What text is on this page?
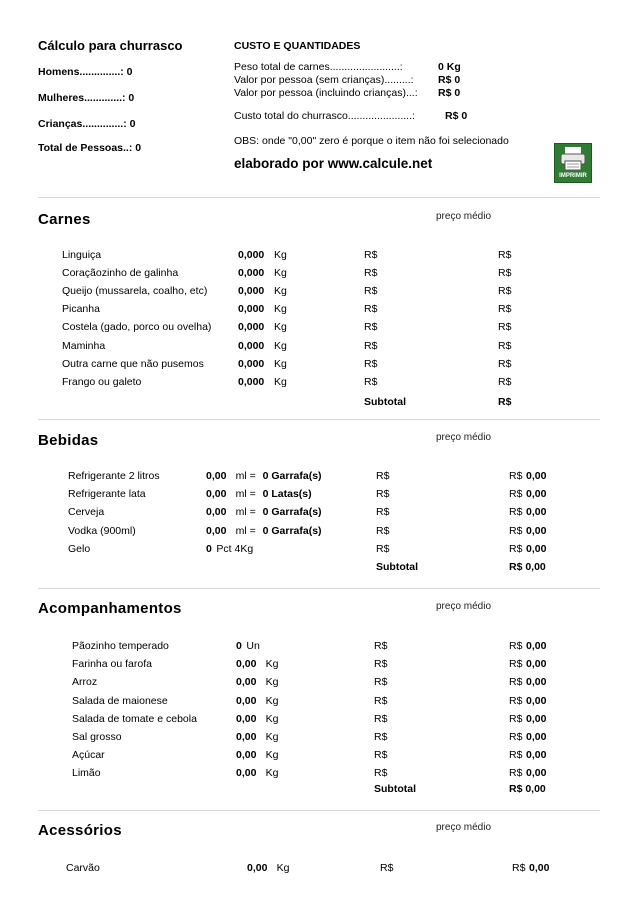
Cálculo para churrasco
Homens..............: 0
Mulheres.............: 0
Crianças..............: 0
Total de Pessoas..: 0
CUSTO E QUANTIDADES
Peso total de carnes........................:	0 Kg
Valor por pessoa (sem crianças).........: R$ 0
Valor por pessoa (incluindo crianças)...: R$ 0
Custo total do churrasco......................:	R$ 0
OBS: onde "0,00" zero é porque o item não foi selecionado
elaborado por www.calcule.net
IMPRIMIR
Carnes	preço médio
Linguiça	0,000 Kg	R$	R$
Coraçãozinho de galinha	0,000 Kg	R$	R$
Queijo (mussarela, coalho, etc)	0,000 Kg	R$	R$
Picanha	0,000 Kg	R$	R$
Costela (gado, porco ou ovelha)	0,000 Kg	R$	R$
Maminha	0,000 Kg	R$	R$
Outra carne que não pusemos	0,000 Kg	R$	R$
Frango ou galeto	0,000 Kg	R$	R$
Subtotal	R$
Bebidas	preço médio
Refrigerante 2 litros	0,00 ml = 0 Garrafa(s)	R$	R$ 0,00
Refrigerante lata	0,00 ml = 0 Latas(s)	R$	R$ 0,00
Cerveja	0,00 ml = 0 Garrafa(s)	R$	R$ 0,00
Vodka (900ml)	0,00 ml = 0 Garrafa(s)	R$	R$ 0,00
Gelo	0 Pct 4Kg	R$	R$ 0,00
Subtotal	R$ 0,00
Acompanhamentos	preço médio
Pãozinho temperado	0 Un	R$	R$ 0,00
Farinha ou farofa	0,00 Kg	R$	R$ 0,00
Arroz	0,00 Kg	R$	R$ 0,00
Salada de maionese	0,00 Kg	R$	R$ 0,00
Salada de tomate e cebola	0,00 Kg	R$	R$ 0,00
Sal grosso	0,00 Kg	R$	R$ 0,00
Açúcar	0,00 Kg	R$	R$ 0,00
Limão	0,00 Kg	R$	R$ 0,00
Subtotal	R$ 0,00
Acessórios	preço médio
Carvão	0,00 Kg	R$	R$ 0,00
